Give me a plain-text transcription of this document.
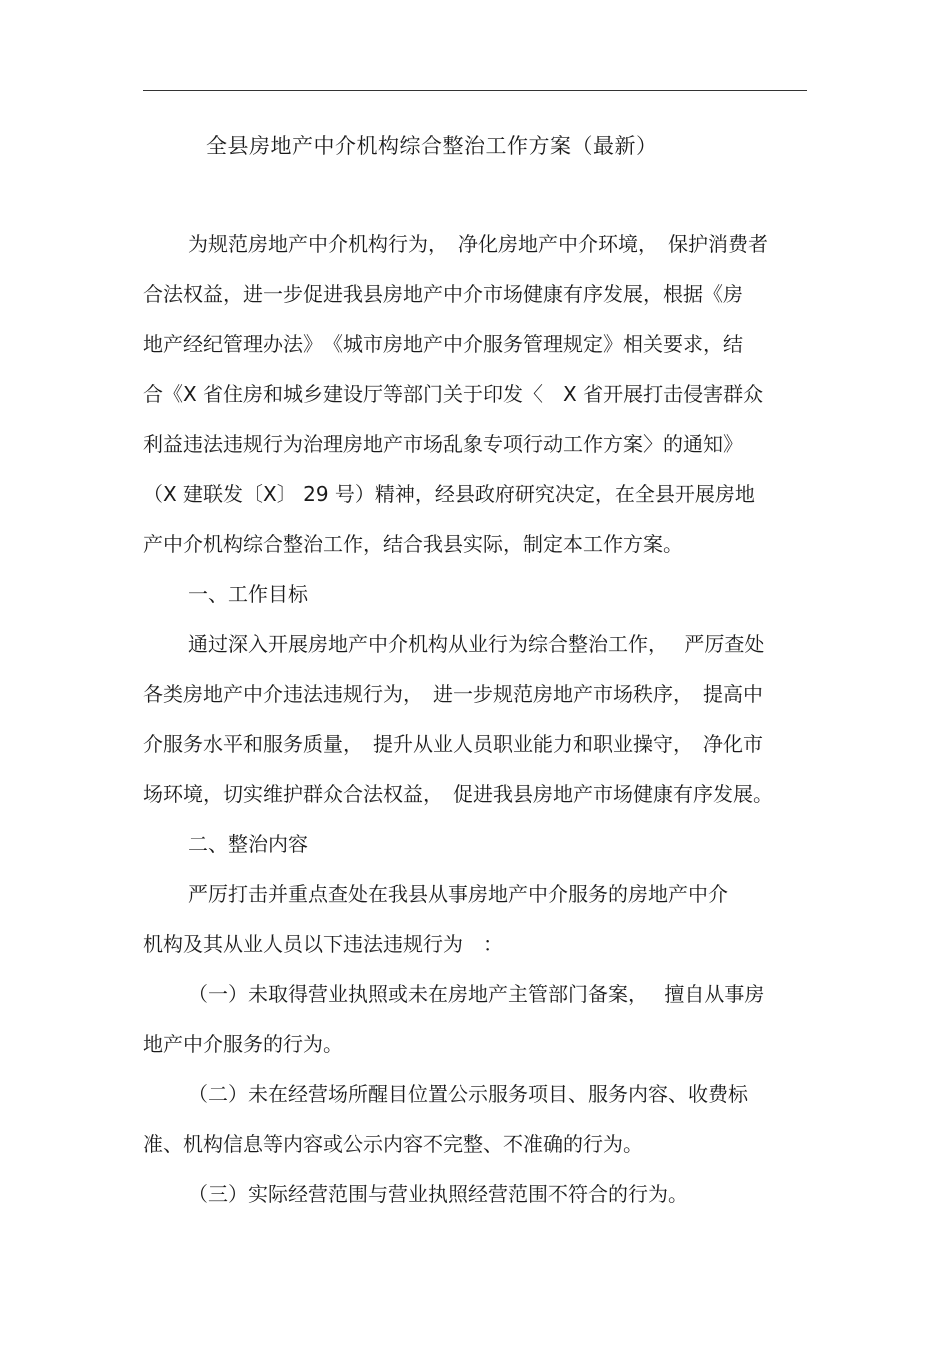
全县房地产中介机构综合整治工作方案（最新）
为规范房地产中介机构行为，　净化房地产中介环境，　保护消费者
合法权益，进一步促进我县房地产中介市场健康有序发展，根据《房
地产经纪管理办法》　《城市房地产中介服务管理规定》相关要求，结
合《X 省住房和城乡建设厅等部门关于印发〈　X 省开展打击侵害群众
利益违法违规行为治理房地产市场乱象专项行动工作方案〉的通知》
（X 建联发〔X〕 29 号）精神，经县政府研究决定，在全县开展房地
产中介机构综合整治工作，结合我县实际，制定本工作方案。
一、工作目标
通过深入开展房地产中介机构从业行为综合整治工作，　 严厉查处
各类房地产中介违法违规行为，　进一步规范房地产市场秩序，　提高中
介服务水平和服务质量，　提升从业人员职业能力和职业操守，　净化市
场环境，切实维护群众合法权益，　促进我县房地产市场健康有序发展。
二、整治内容
严厉打击并重点查处在我县从事房地产中介服务的房地产中介
机构及其从业人员以下违法违规行为　：
（一）未取得营业执照或未在房地产主管部门备案，　 擅自从事房
地产中介服务的行为。
（二）未在经营场所醒目位置公示服务项目、服务内容、收费标
准、机构信息等内容或公示内容不完整、不准确的行为。
（三）实际经营范围与营业执照经营范围不符合的行为。
